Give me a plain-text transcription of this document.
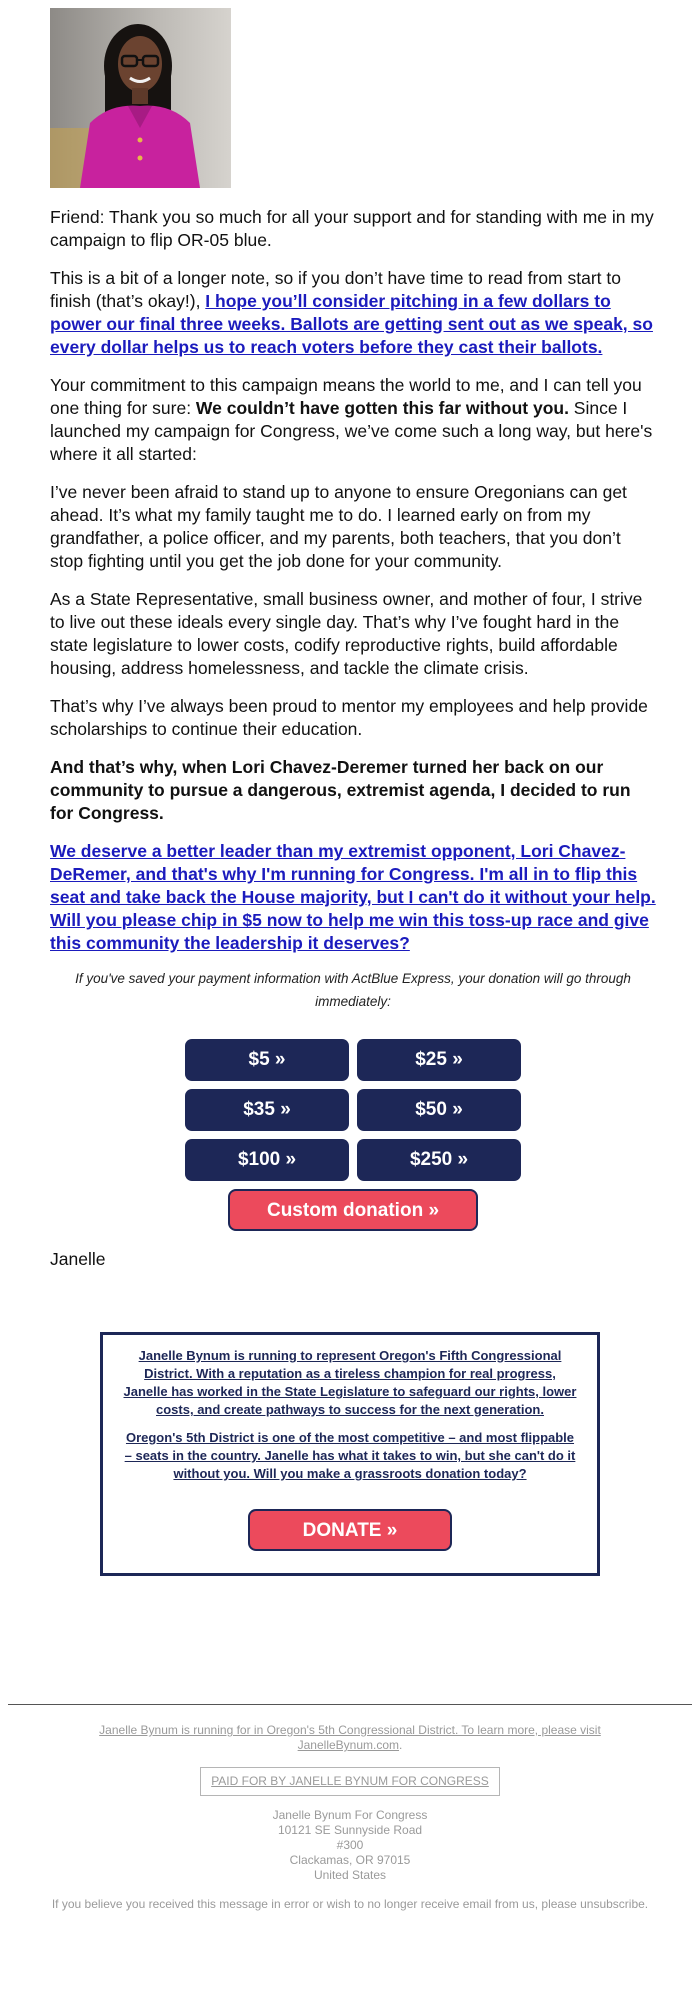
Friend: Thank you so much for all your support and for standing with me in my campaign to flip OR-05 blue.

This is a bit of a longer note, so if you don’t have time to read from start to finish (that’s okay!), I hope you’ll consider pitching in a few dollars to power our final three weeks. Ballots are getting sent out as we speak, so every dollar helps us to reach voters before they cast their ballots.

Your commitment to this campaign means the world to me, and I can tell you one thing for sure: We couldn’t have gotten this far without you. Since I launched my campaign for Congress, we’ve come such a long way, but here's where it all started:

I’ve never been afraid to stand up to anyone to ensure Oregonians can get ahead. It’s what my family taught me to do. I learned early on from my grandfather, a police officer, and my parents, both teachers, that you don’t stop fighting until you get the job done for your community.

As a State Representative, small business owner, and mother of four, I strive to live out these ideals every single day. That’s why I’ve fought hard in the state legislature to lower costs, codify reproductive rights, build affordable housing, address homelessness, and tackle the climate crisis.

That’s why I’ve always been proud to mentor my employees and help provide scholarships to continue their education.

And that’s why, when Lori Chavez-Deremer turned her back on our community to pursue a dangerous, extremist agenda, I decided to run for Congress.

We deserve a better leader than my extremist opponent, Lori Chavez-DeRemer, and that's why I'm running for Congress. I'm all in to flip this seat and take back the House majority, but I can't do it without your help. Will you please chip in $5 now to help me win this toss-up race and give this community the leadership it deserves?
If you've saved your payment information with ActBlue Express, your donation will go through immediately:
$5 »	$25 »
$35 »	$50 »
$100 »	$250 »
Custom donation »
Janelle

Janelle Bynum is running to represent Oregon's Fifth Congressional District. With a reputation as a tireless champion for real progress, Janelle has worked in the State Legislature to safeguard our rights, lower costs, and create pathways to success for the next generation.

Oregon's 5th District is one of the most competitive – and most flippable – seats in the country. Janelle has what it takes to win, but she can't do it without you. Will you make a grassroots donation today?

DONATE »
Janelle Bynum is running for in Oregon's 5th Congressional District. To learn more, please visit JanelleBynum.com.
PAID FOR BY JANELLE BYNUM FOR CONGRESS
Janelle Bynum For Congress
10121 SE Sunnyside Road
#300
Clackamas, OR 97015
United States
If you believe you received this message in error or wish to no longer receive email from us, please unsubscribe.
